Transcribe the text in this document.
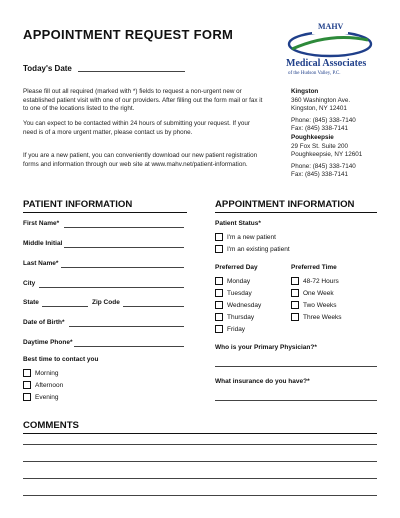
APPOINTMENT REQUEST FORM
Today's Date
MAHV
Medical Associates
of the Hudson Valley, P.C.
Please fill out all required (marked with *) fields to request a non-urgent new or established patient visit with one of our providers. After filling out the form mail or fax it to one of the locations listed to the right.
You can expect to be contacted within 24 hours of submitting your request. If your need is of a more urgent matter, please contact us by phone.
If you are a new patient, you can conveniently download our new patient registration forms and information through our web site at www.mahv.net/patient-information.
Kingston
360 Washington Ave.
Kingston, NY 12401
Phone: (845) 338-7140
Fax: (845) 338-7141
Poughkeepsie
29 Fox St. Suite 200
Poughkeepsie, NY 12601
Phone: (845) 338-7140
Fax: (845) 338-7141
PATIENT INFORMATION
First Name*
Middle Initial
Last Name*
City
State	Zip Code
Date of Birth*
Daytime Phone*
Best time to contact you
Morning
Afternoon
Evening
APPOINTMENT INFORMATION
Patient Status*
I'm a new patient
I'm an existing patient
Preferred Day
Monday
Tuesday
Wednesday
Thursday
Friday
Preferred Time
48-72 Hours
One Week
Two Weeks
Three Weeks
Who is your Primary Physician?*
What insurance do you have?*
COMMENTS
